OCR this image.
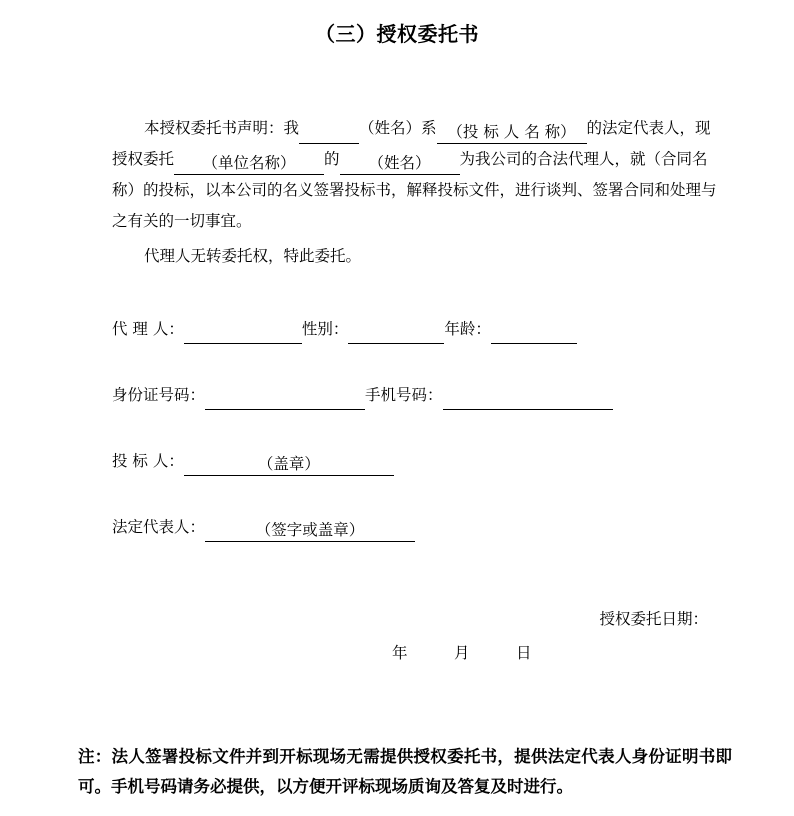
（三）授权委托书
本授权委托书声明：我	（姓名）系 （投 标 人 名 称） 的法定代表人，现授权委托 （单位名称） 的 （姓名） 为我公司的合法代理人，就（合同名称）的投标，以本公司的名义签署投标书，解释投标文件，进行谈判、签署合同和处理与之有关的一切事宜。
代理人无转委托权，特此委托。
代 理 人：	性别：	年龄：
身份证号码：	手机号码：
投 标 人：	（盖章）
法定代表人：	（签字或盖章）
授权委托日期：
年	月	日
注：法人签署投标文件并到开标现场无需提供授权委托书，提供法定代表人身份证明书即可。手机号码请务必提供，以方便开评标现场质询及答复及时进行。
